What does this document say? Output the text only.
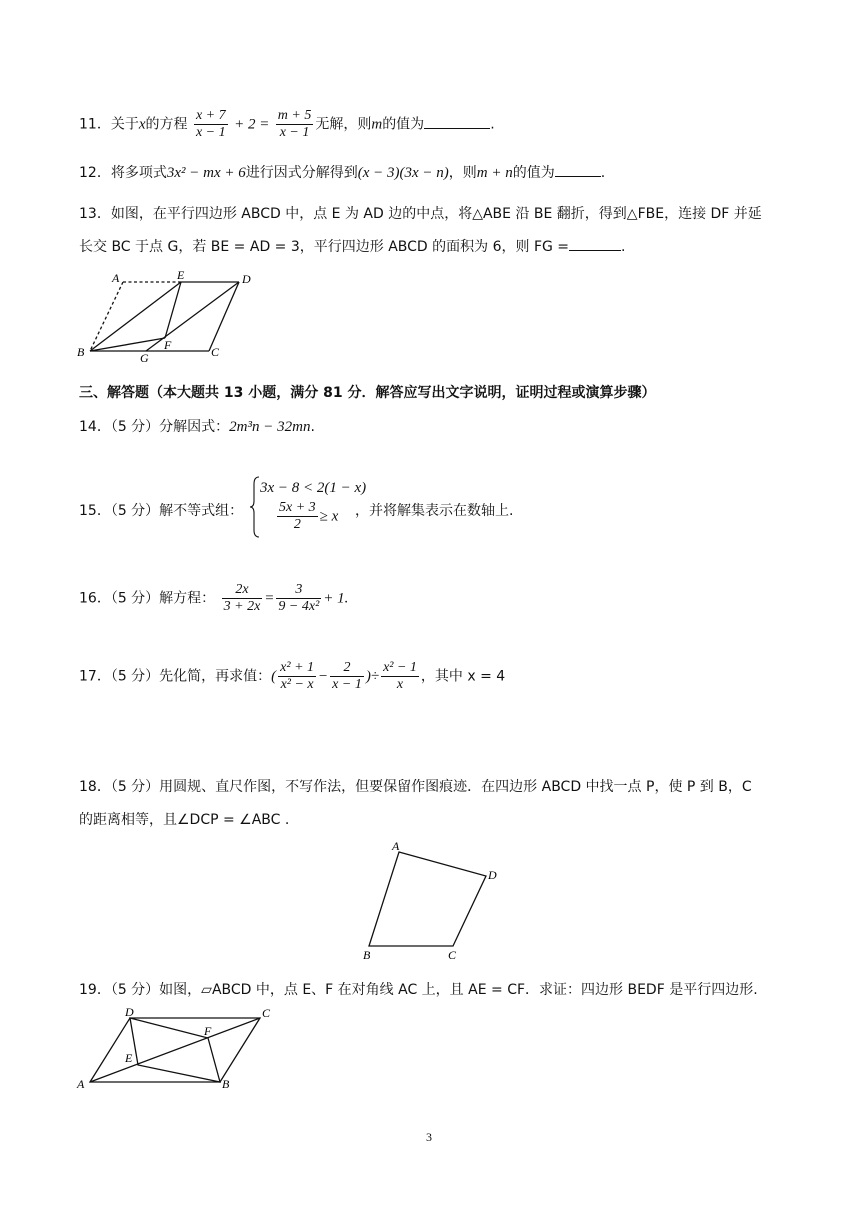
11．关于x的方程 $\frac{x + 7}{x - 1} + 2 = \frac{m + 5}{x - 1}$ 无解，则m的值为	.
12．将多项式3x² − mx + 6进行因式分解得到(x − 3)(3x − n)，则m + n的值为	.
13．如图，在平行四边形 ABCD 中，点 E 为 AD 边的中点，将△ABE 沿 BE 翻折，得到△FBE，连接 DF 并延
长交 BC 于点 G，若 BE = AD = 3，平行四边形 ABCD 的面积为 6，则 FG =	.
A	E	D
B	G
F	C
三、解答题（本大题共 13 小题，满分 81 分．解答应写出文字说明，证明过程或演算步骤）
14．（5 分）分解因式：2m³n − 32mn.
15．（5 分）解不等式组：
3x − 8 < 2(1 − x)
$\frac{5x + 3}{2} \ge x$ ，并将解集表示在数轴上.
16．（5 分）解方程： $\frac{2x}{3 + 2x} = \frac{3}{\text{9 − 4x²}} + 1$.
17．（5 分）先化简，再求值：( $\frac{\text{x² + 1}}{\text{x² − x}} - \frac{2}{x - 1}$ )÷ $\frac{\text{x² − 1}}{x}$ ，其中 x = 4
18．（5 分）用圆规、直尺作图，不写作法，但要保留作图痕迹．在四边形 ABCD 中找一点 P，使 P 到 B，C
的距离相等，且∠DCP = ∠ABC .
A
D
B	C
19．（5 分）如图，▱ABCD 中，点 E、F 在对角线 AC 上，且 AE = CF．求证：四边形 BEDF 是平行四边形.
D	C
F
E
A	B
3
